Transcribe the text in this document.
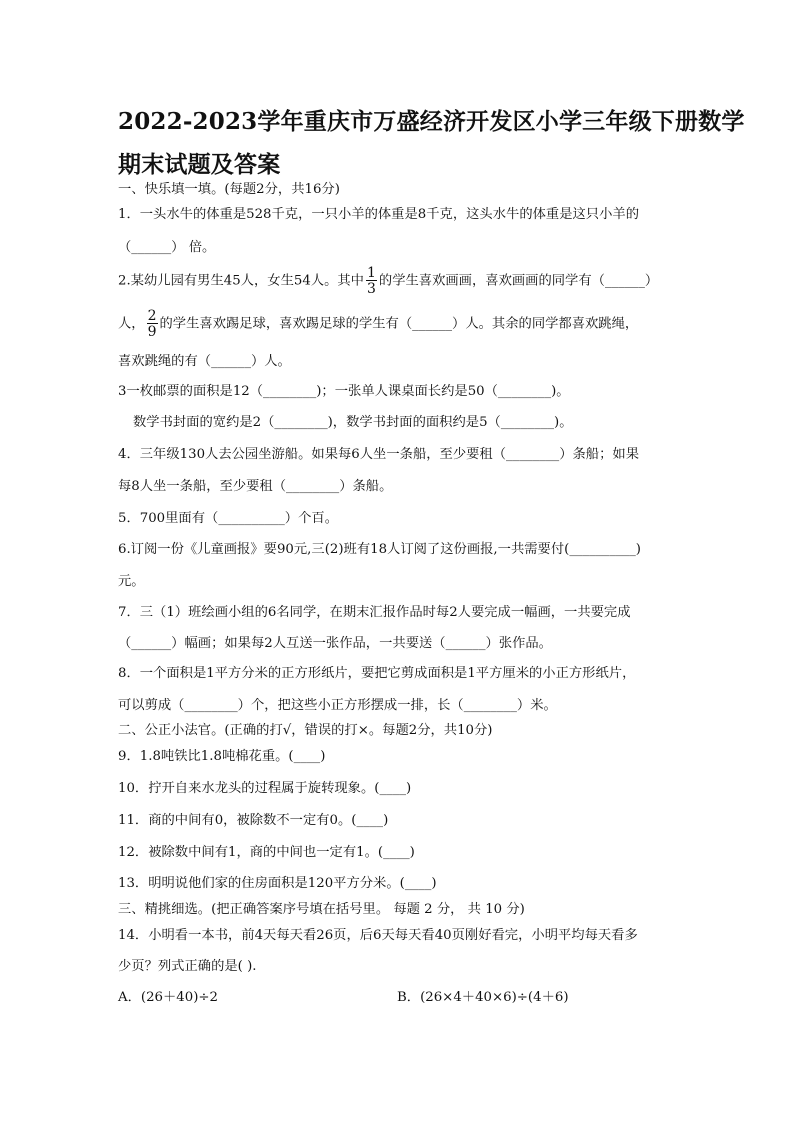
2022-2023学年重庆市万盛经济开发区小学三年级下册数学
期末试题及答案
一、快乐填一填。(每题2分，共16分)
1．一头水牛的体重是528千克，一只小羊的体重是8千克，这头水牛的体重是这只小羊的
（______） 倍。
2.某幼儿园有男生45人，女生54人。其中 $\frac{1}{3}$ 的学生喜欢画画，喜欢画画的同学有（______）
人， $\frac{2}{9}$ 的学生喜欢踢足球，喜欢踢足球的学生有（______）人。其余的同学都喜欢跳绳，
喜欢跳绳的有（______）人。
3一枚邮票的面积是12（________)；一张单人课桌面长约是50（________)。
数学书封面的宽约是2（________)，数学书封面的面积约是5（________)。
4．三年级130人去公园坐游船。如果每6人坐一条船，至少要租（________）条船；如果
每8人坐一条船，至少要租（________）条船。
5．700里面有（__________）个百。
6.订阅一份《儿童画报》要90元,三(2)班有18人订阅了这份画报,一共需要付(__________)
元。
7．三（1）班绘画小组的6名同学，在期末汇报作品时每2人要完成一幅画，一共要完成
（______）幅画；如果每2人互送一张作品，一共要送（______）张作品。
8．一个面积是1平方分米的正方形纸片，要把它剪成面积是1平方厘米的小正方形纸片，
可以剪成（________）个，把这些小正方形摆成一排，长（________）米。
二、公正小法官。(正确的打√，错误的打×。每题2分，共10分)
9．1.8吨铁比1.8吨棉花重。(____)
10．拧开自来水龙头的过程属于旋转现象。(____)
11．商的中间有0，被除数不一定有0。(____)
12．被除数中间有1，商的中间也一定有1。(____)
13．明明说他们家的住房面积是120平方分米。(____)
三、精挑细选。(把正确答案序号填在括号里。 每题 2 分， 共 10 分)
14．小明看一本书，前4天每天看26页，后6天每天看40页刚好看完，小明平均每天看多
少页？列式正确的是( ).
A．(26＋40)÷2	B．(26×4＋40×6)÷(4＋6)
